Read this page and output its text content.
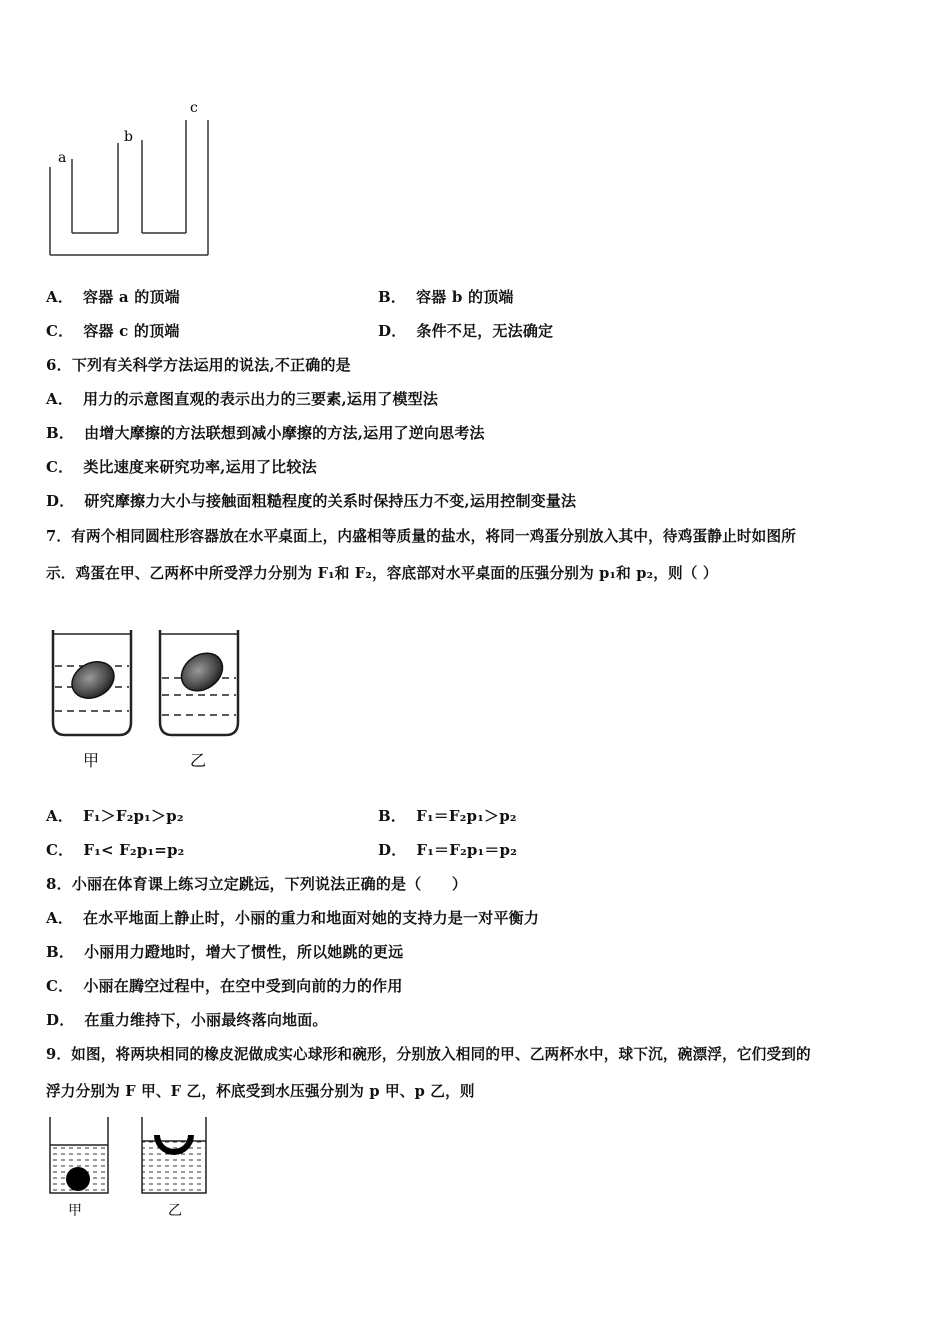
a
b
c
A． 容器 a 的顶端	B． 容器 b 的顶端
C． 容器 c 的顶端	D． 条件不足，无法确定
6．下列有关科学方法运用的说法,不正确的是
A． 用力的示意图直观的表示出力的三要素,运用了模型法
B． 由增大摩擦的方法联想到减小摩擦的方法,运用了逆向思考法
C． 类比速度来研究功率,运用了比较法
D． 研究摩擦力大小与接触面粗糙程度的关系时保持压力不变,运用控制变量法
7．有两个相同圆柱形容器放在水平桌面上，内盛相等质量的盐水，将同一鸡蛋分别放入其中，待鸡蛋静止时如图所
示．鸡蛋在甲、乙两杯中所受浮力分别为 F₁和 F₂，容底部对水平桌面的压强分别为 p₁和 p₂，则（ ）
甲	乙
A． F₁＞F₂p₁＞p₂	B． F₁＝F₂p₁＞p₂
C． F₁< F₂p₁=p₂	D． F₁＝F₂p₁＝p₂
8．小丽在体育课上练习立定跳远，下列说法正确的是（　　）
A． 在水平地面上静止时，小丽的重力和地面对她的支持力是一对平衡力
B． 小丽用力蹬地时，增大了惯性，所以她跳的更远
C． 小丽在腾空过程中，在空中受到向前的力的作用
D． 在重力维持下，小丽最终落向地面。
9．如图，将两块相同的橡皮泥做成实心球形和碗形，分别放入相同的甲、乙两杯水中，球下沉，碗漂浮，它们受到的
浮力分别为 F 甲、F 乙，杯底受到水压强分别为 p 甲、p 乙，则
甲	乙
